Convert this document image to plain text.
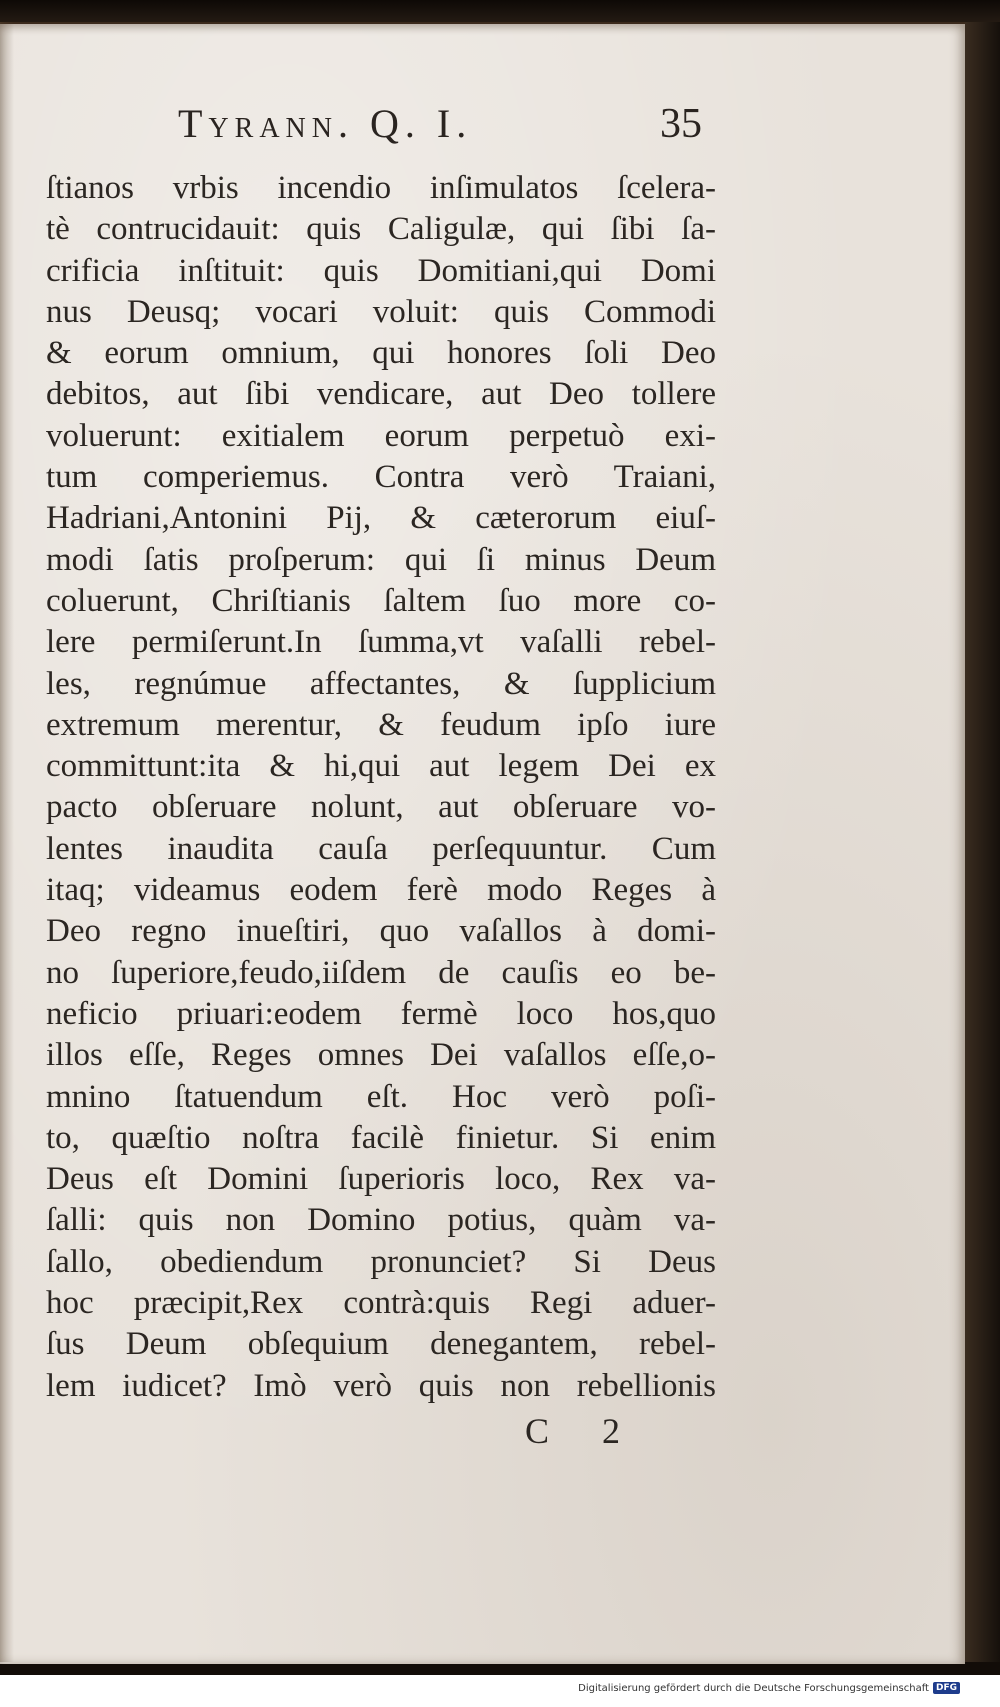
Tyrann. Q. I.	35
ſtianos vrbis incendio inſimulatos ſcelera-
tè contrucidauit: quis Caligulæ, qui ſibi ſa-
crificia inſtituit: quis Domitiani,qui Domi
nus Deusq; vocari voluit: quis Commodi
& eorum omnium, qui honores ſoli Deo
debitos, aut ſibi vendicare, aut Deo tollere
voluerunt: exitialem eorum perpetuò exi-
tum comperiemus. Contra verò Traiani,
Hadriani,Antonini Pij, & cæterorum eiuſ-
modi ſatis proſperum: qui ſi minus Deum
coluerunt, Chriſtianis ſaltem ſuo more co-
lere permiſerunt.In ſumma,vt vaſalli rebel-
les, regnúmue affectantes, & ſupplicium
extremum merentur, & feudum ipſo iure
committunt:ita & hi,qui aut legem Dei ex
pacto obſeruare nolunt, aut obſeruare vo-
lentes inaudita cauſa perſequuntur. Cum
itaq; videamus eodem ferè modo Reges à
Deo regno inueſtiri, quo vaſallos à domi-
no ſuperiore,feudo,iiſdem de cauſis eo be-
neficio priuari:eodem fermè loco hos,quo
illos eſſe, Reges omnes Dei vaſallos eſſe,o-
mnino ſtatuendum eſt. Hoc verò poſi-
to, quæſtio noſtra facilè finietur. Si enim
Deus eſt Domini ſuperioris loco, Rex va-
ſalli: quis non Domino potius, quàm va-
ſallo, obediendum pronunciet? Si Deus
hoc præcipit,Rex contrà:quis Regi aduer-
ſus Deum obſequium denegantem, rebel-
lem iudicet? Imò verò quis non rebellionis
C 2
Digitalisierung gefördert durch die Deutsche Forschungsgemeinschaft DFG
